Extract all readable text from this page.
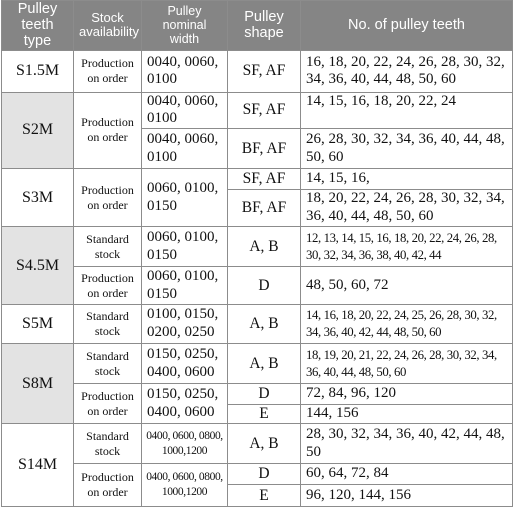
Pulley teeth type	Stock availability	Pulley nominal width	Pulley shape	No. of pulley teeth
S1.5M	Production on order	0040, 0060, 0100	SF, AF	16, 18, 20, 22, 24, 26, 28, 30, 32, 34, 36, 40, 44, 48, 50, 60
S2M	Production on order	0040, 0060, 0100	SF, AF	14, 15, 16, 18, 20, 22, 24
		0040, 0060, 0100	BF, AF	26, 28, 30, 32, 34, 36, 40, 44, 48, 50, 60
S3M	Production on order	0060, 0100, 0150	SF, AF	14, 15, 16,
			BF, AF	18, 20, 22, 24, 26, 28, 30, 32, 34, 36, 40, 44, 48, 50, 60
S4.5M	Standard stock	0060, 0100, 0150	A, B	12, 13, 14, 15, 16, 18, 20, 22, 24, 26, 28, 30, 32, 34, 36, 38, 40, 42, 44
	Production on order	0060, 0100, 0150	D	48, 50, 60, 72
S5M	Standard stock	0100, 0150, 0200, 0250	A, B	14, 16, 18, 20, 22, 24, 25, 26, 28, 30, 32, 34, 36, 40, 42, 44, 48, 50, 60
S8M	Standard stock	0150, 0250, 0400, 0600	A, B	18, 19, 20, 21, 22, 24, 26, 28, 30, 32, 34, 36, 40, 44, 48, 50, 60
	Production on order	0150, 0250, 0400, 0600	D	72, 84, 96, 120
			E	144, 156
S14M	Standard stock	0400, 0600, 0800, 1000,1200	A, B	28, 30, 32, 34, 36, 40, 42, 44, 48, 50
	Production on order	0400, 0600, 0800, 1000,1200	D	60, 64, 72, 84
			E	96, 120, 144, 156
